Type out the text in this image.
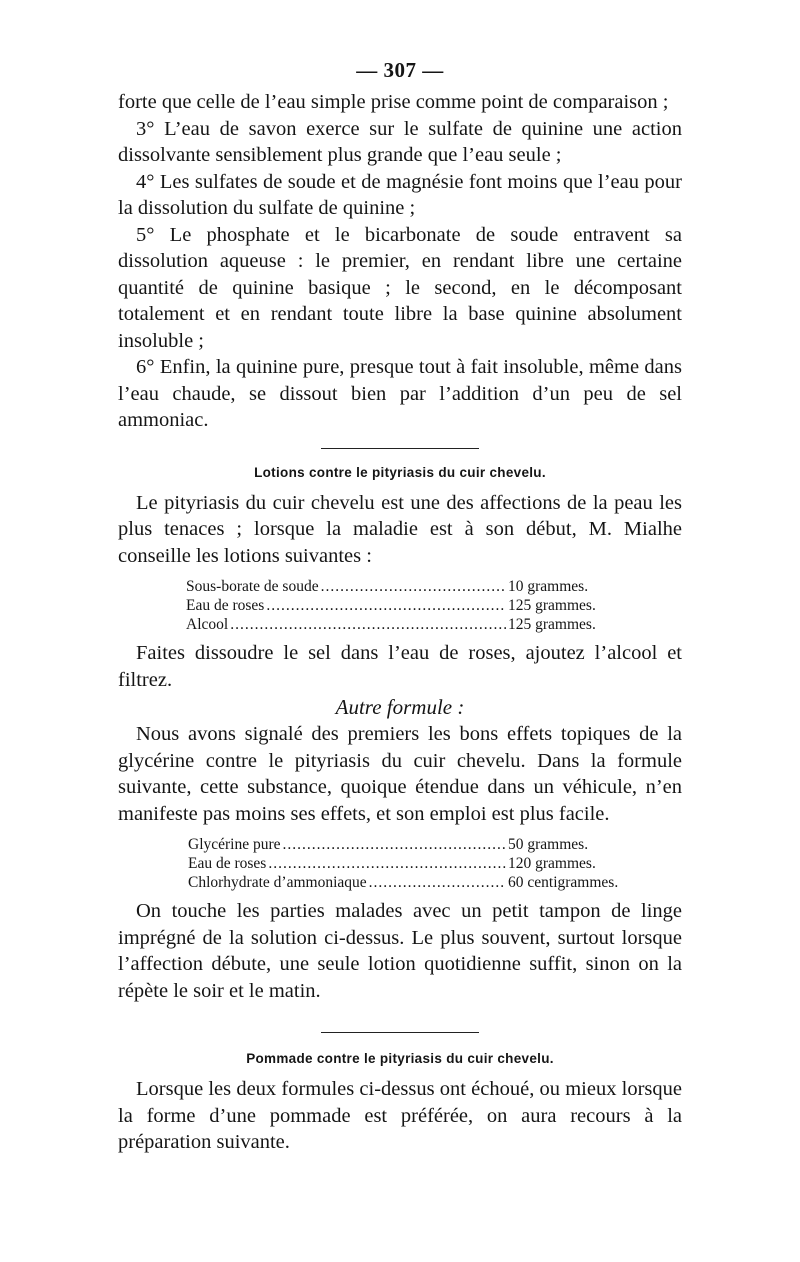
— 307 —

forte que celle de l’eau simple prise comme point de comparaison ;

3° L’eau de savon exerce sur le sulfate de quinine une action dissolvante sensiblement plus grande que l’eau seule ;

4° Les sulfates de soude et de magnésie font moins que l’eau pour la dissolution du sulfate de quinine ;

5° Le phosphate et le bicarbonate de soude entravent sa dissolution aqueuse : le premier, en rendant libre une certaine quantité de quinine basique ; le second, en le décomposant totalement et en rendant toute libre la base quinine absolument insoluble ;

6° Enfin, la quinine pure, presque tout à fait insoluble, même dans l’eau chaude, se dissout bien par l’addition d’un peu de sel ammoniac.

Lotions contre le pityriasis du cuir chevelu.

Le pityriasis du cuir chevelu est une des affections de la peau les plus tenaces ; lorsque la maladie est à son début, M. Mialhe conseille les lotions suivantes :

Sous-borate de soude .....	10 grammes.
Eau de roses .....	125 grammes.
Alcool .....	125 grammes.

Faites dissoudre le sel dans l’eau de roses, ajoutez l’alcool et filtrez.

Autre formule :

Nous avons signalé des premiers les bons effets topiques de la glycérine contre le pityriasis du cuir chevelu. Dans la formule suivante, cette substance, quoique étendue dans un véhicule, n’en manifeste pas moins ses effets, et son emploi est plus facile.

Glycérine pure .....	50 grammes.
Eau de roses .....	120 grammes.
Chlorhydrate d’ammoniaque .....	60 centigrammes.

On touche les parties malades avec un petit tampon de linge imprégné de la solution ci-dessus. Le plus souvent, surtout lorsque l’affection débute, une seule lotion quotidienne suffit, sinon on la répète le soir et le matin.

Pommade contre le pityriasis du cuir chevelu.

Lorsque les deux formules ci-dessus ont échoué, ou mieux lorsque la forme d’une pommade est préférée, on aura recours à la préparation suivante.
